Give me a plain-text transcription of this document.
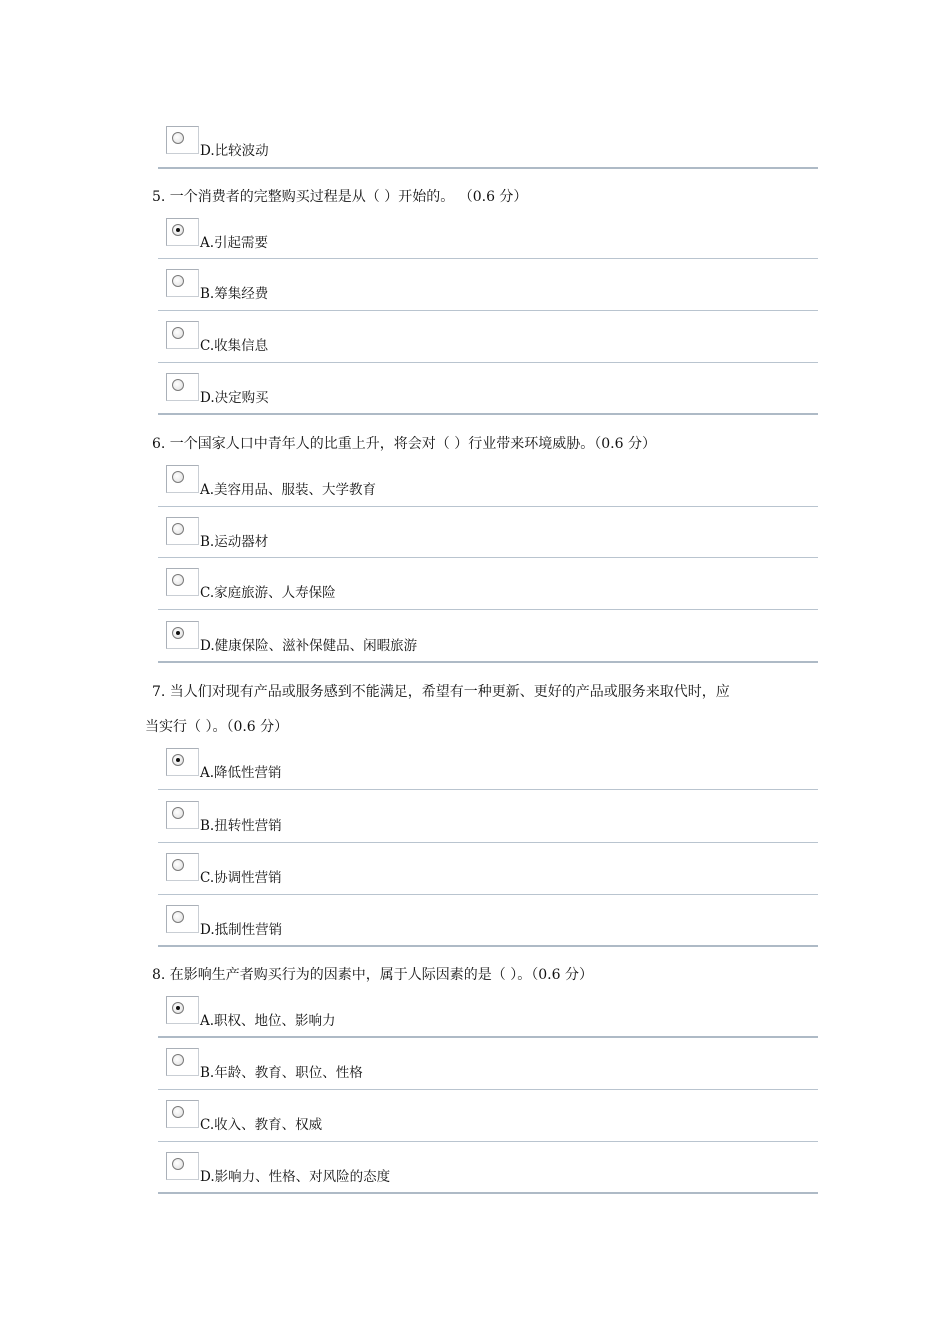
D.比较波动
5. 一个消费者的完整购买过程是从（ ）开始的。 （0.6 分）
A.引起需要
B.筹集经费
C.收集信息
D.决定购买
6. 一个国家人口中青年人的比重上升，将会对（ ）行业带来环境威胁。（0.6 分）
A.美容用品、服装、大学教育
B.运动器材
C.家庭旅游、人寿保险
D.健康保险、滋补保健品、闲暇旅游
7. 当人们对现有产品或服务感到不能满足，希望有一种更新、更好的产品或服务来取代时，应
当实行（ ）。（0.6 分）
A.降低性营销
B.扭转性营销
C.协调性营销
D.抵制性营销
8. 在影响生产者购买行为的因素中，属于人际因素的是（ ）。（0.6 分）
A.职权、地位、影响力
B.年龄、教育、职位、性格
C.收入、教育、权威
D.影响力、性格、对风险的态度
